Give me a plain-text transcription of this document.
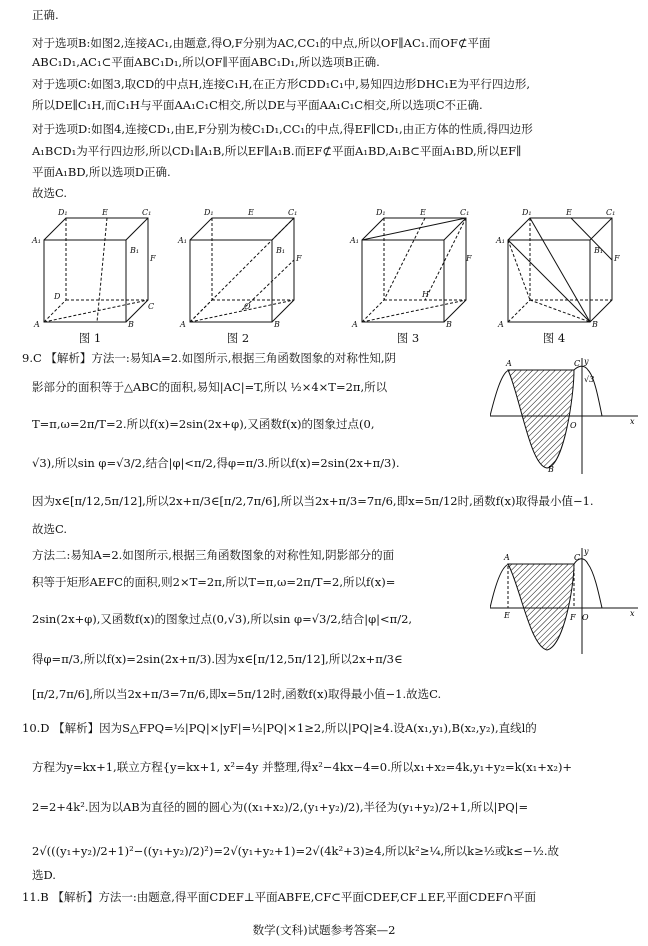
正确.
对于选项B:如图2,连接AC₁,由题意,得O,F分别为AC,CC₁的中点,所以OF∥AC₁.而OF⊄平面
ABC₁D₁,AC₁⊂平面ABC₁D₁,所以OF∥平面ABC₁D₁,所以选项B正确.
对于选项C:如图3,取CD的中点H,连接C₁H,在正方形CDD₁C₁中,易知四边形DHC₁E为平行四边形,
所以DE∥C₁H,而C₁H与平面AA₁C₁C相交,所以DE与平面AA₁C₁C相交,所以选项C不正确.
对于选项D:如图4,连接CD₁,由E,F分别为棱C₁D₁,CC₁的中点,得EF∥CD₁,由正方体的性质,得四边形
A₁BCD₁为平行四边形,所以CD₁∥A₁B,所以EF∥A₁B.而EF⊄平面A₁BD,A₁B⊂平面A₁BD,所以EF∥
平面A₁BD,所以选项D正确.
故选C.
D₁	E	C₁
A₁
B₁
F
D
C
A	B
D₁	E	C₁
A₁
B₁
F
O
A	B
D₁	E	C₁
A₁
H
F
A	B
D₁	E	C₁
A₁
B₁
F
A	B
图 1	图 2	图 3	图 4
9.C 【解析】方法一:易知A=2.如图所示,根据三角函数图象的对称性知,阴
影部分的面积等于△ABC的面积,易知|AC|=T,所以 ½×4×T=2π,所以
T=π,ω=2π/T=2.所以f(x)=2sin(2x+φ),又函数f(x)的图象过点(0,
√3),所以sin φ=√3/2,结合|φ|<π/2,得φ=π/3.所以f(x)=2sin(2x+π/3).
因为x∈[π/12,5π/12],所以2x+π/3∈[π/2,7π/6],所以当2x+π/3=7π/6,即x=5π/12时,函数f(x)取得最小值−1.
故选C.
方法二:易知A=2.如图所示,根据三角函数图象的对称性知,阴影部分的面
积等于矩形AEFC的面积,则2×T=2π,所以T=π,ω=2π/T=2,所以f(x)=
2sin(2x+φ),又函数f(x)的图象过点(0,√3),所以sin φ=√3/2,结合|φ|<π/2,
得φ=π/3,所以f(x)=2sin(2x+π/3).因为x∈[π/12,5π/12],所以2x+π/3∈
[π/2,7π/6],所以当2x+π/3=7π/6,即x=5π/12时,函数f(x)取得最小值−1.故选C.
A	C
B
O	x
y
√3
A	C
E	F O	x
y
10.D 【解析】因为S△FPQ=½|PQ|×|yF|=½|PQ|×1≥2,所以|PQ|≥4.设A(x₁,y₁),B(x₂,y₂),直线l的
方程为y=kx+1,联立方程{y=kx+1, x²=4y 并整理,得x²−4kx−4=0.所以x₁+x₂=4k,y₁+y₂=k(x₁+x₂)+
2=2+4k².因为以AB为直径的圆的圆心为((x₁+x₂)/2,(y₁+y₂)/2),半径为(y₁+y₂)/2+1,所以|PQ|=
2√(((y₁+y₂)/2+1)²−((y₁+y₂)/2)²)=2√(y₁+y₂+1)=2√(4k²+3)≥4,所以k²≥¼,所以k≥½或k≤−½.故
选D.
11.B 【解析】方法一:由题意,得平面CDEF⊥平面ABFE,CF⊂平面CDEF,CF⊥EF,平面CDEF∩平面
数学(文科)试题参考答案—2
